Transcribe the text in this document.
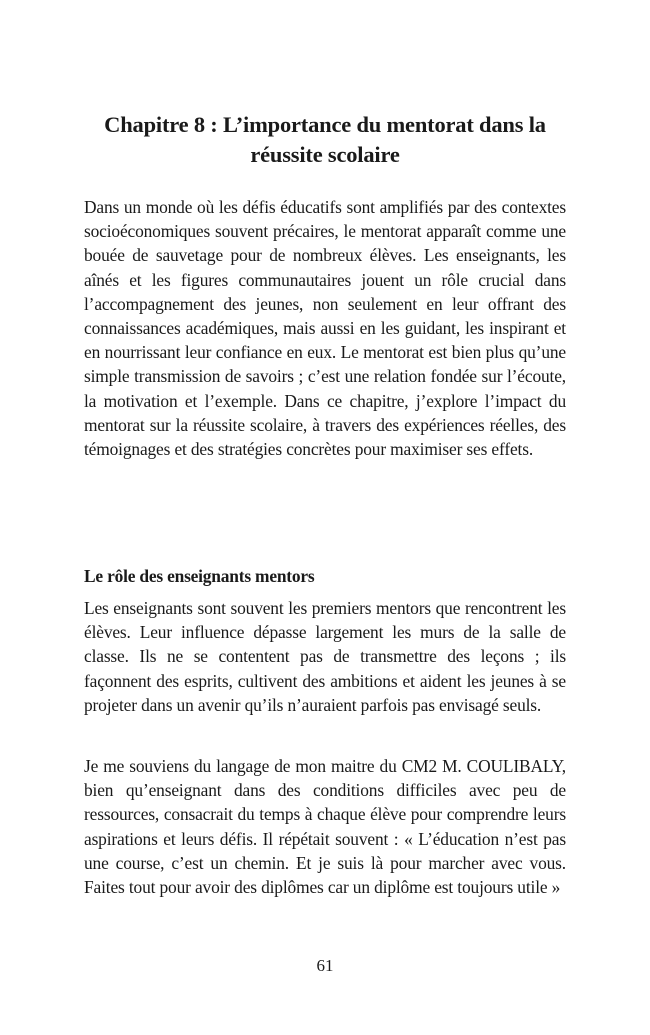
Chapitre 8 : L’importance du mentorat dans la
réussite scolaire

Dans un monde où les défis éducatifs sont amplifiés par des contextes socioéconomiques souvent précaires, le mentorat apparaît comme une bouée de sauvetage pour de nombreux élèves. Les enseignants, les aînés et les figures communautaires jouent un rôle crucial dans l’accompagnement des jeunes, non seulement en leur offrant des connaissances académiques, mais aussi en les guidant, les inspirant et en nourrissant leur confiance en eux. Le mentorat est bien plus qu’une simple transmission de savoirs ; c’est une relation fondée sur l’écoute, la motivation et l’exemple. Dans ce chapitre, j’explore l’impact du mentorat sur la réussite scolaire, à travers des expériences réelles, des témoignages et des stratégies concrètes pour maximiser ses effets.

Le rôle des enseignants mentors

Les enseignants sont souvent les premiers mentors que rencontrent les élèves. Leur influence dépasse largement les murs de la salle de classe. Ils ne se contentent pas de transmettre des leçons ; ils façonnent des esprits, cultivent des ambitions et aident les jeunes à se projeter dans un avenir qu’ils n’auraient parfois pas envisagé seuls.

Je me souviens du langage de mon maitre du CM2 M. COULIBALY, bien qu’enseignant dans des conditions difficiles avec peu de ressources, consacrait du temps à chaque élève pour comprendre leurs aspirations et leurs défis. Il répétait souvent : « L’éducation n’est pas une course, c’est un chemin. Et je suis là pour marcher avec vous. Faites tout pour avoir des diplômes car un diplôme est toujours utile »

61
